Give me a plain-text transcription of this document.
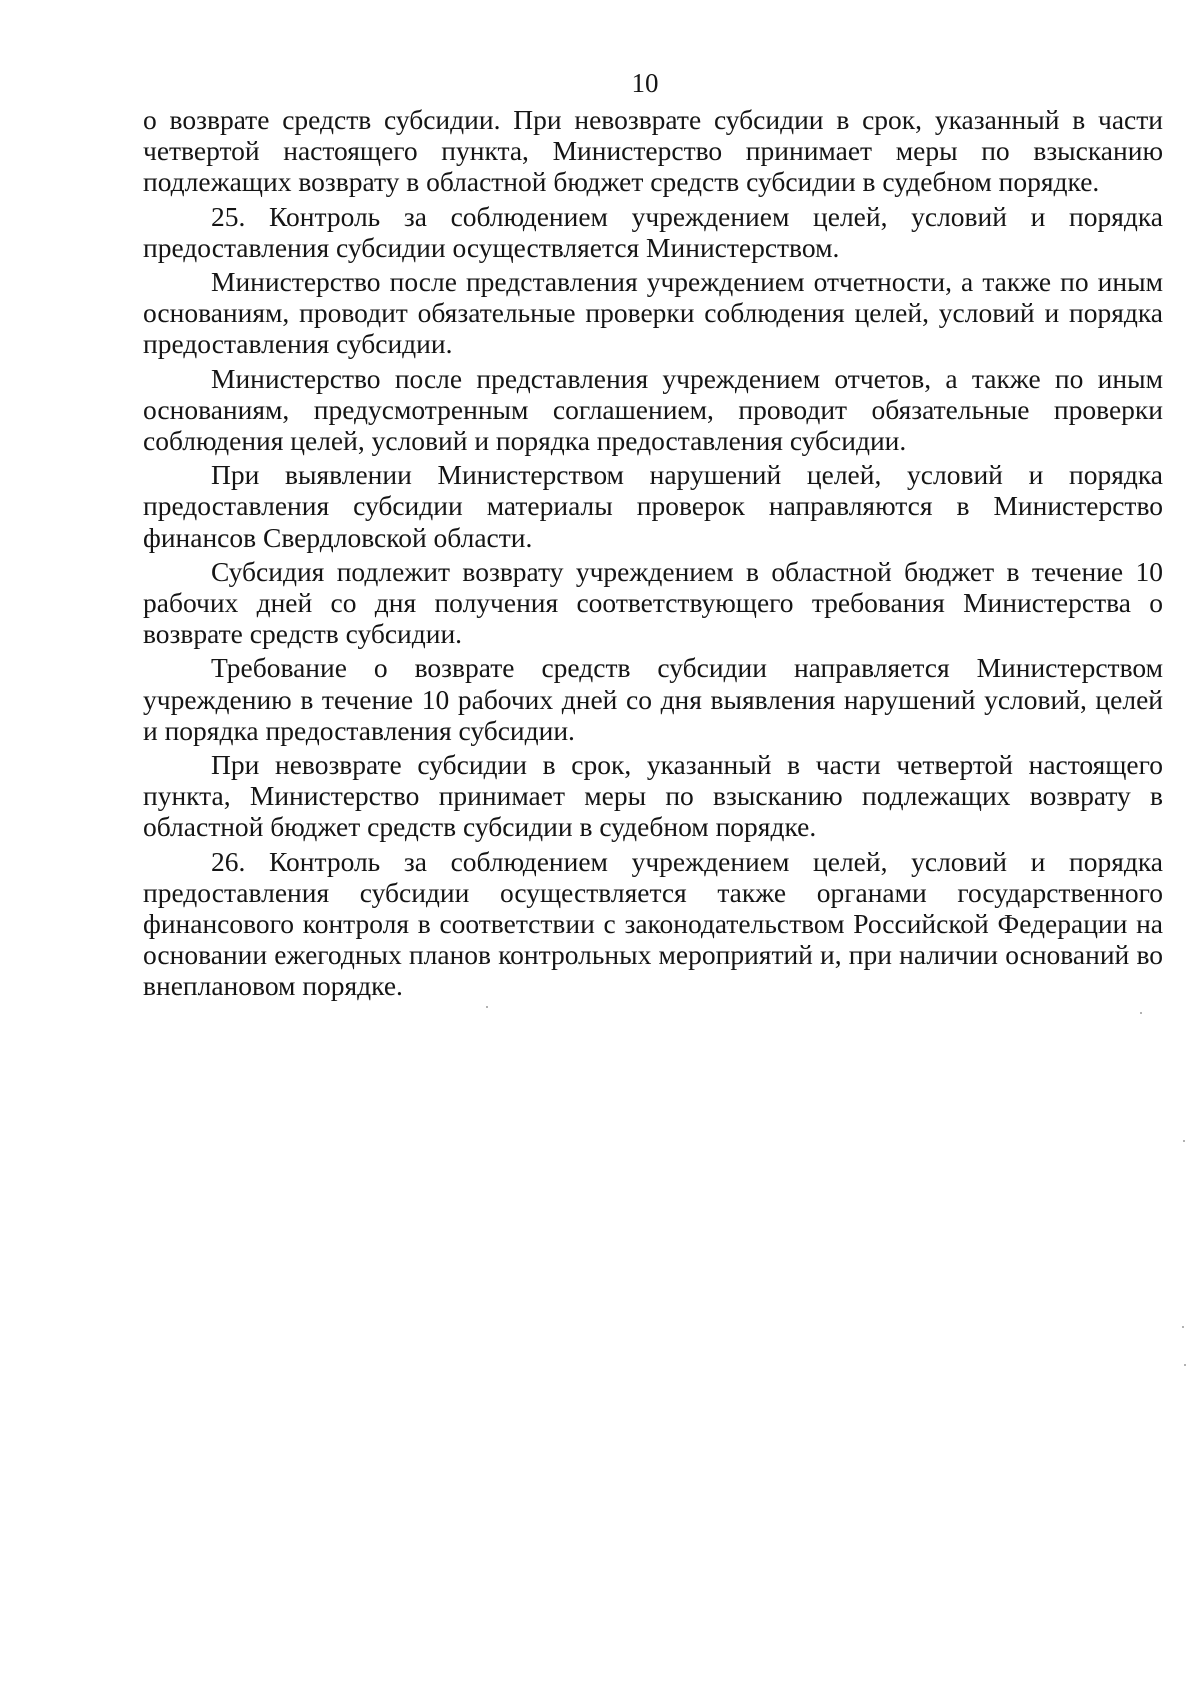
10

о возврате средств субсидии. При невозврате субсидии в срок, указанный в части четвертой настоящего пункта, Министерство принимает меры по взысканию подлежащих возврату в областной бюджет средств субсидии в судебном порядке.

25. Контроль за соблюдением учреждением целей, условий и порядка предоставления субсидии осуществляется Министерством.

Министерство после представления учреждением отчетности, а также по иным основаниям, проводит обязательные проверки соблюдения целей, условий и порядка предоставления субсидии.

Министерство после представления учреждением отчетов, а также по иным основаниям, предусмотренным соглашением, проводит обязательные проверки соблюдения целей, условий и порядка предоставления субсидии.

При выявлении Министерством нарушений целей, условий и порядка предоставления субсидии материалы проверок направляются в Министерство финансов Свердловской области.

Субсидия подлежит возврату учреждением в областной бюджет в течение 10 рабочих дней со дня получения соответствующего требования Министерства о возврате средств субсидии.

Требование о возврате средств субсидии направляется Министерством учреждению в течение 10 рабочих дней со дня выявления нарушений условий, целей и порядка предоставления субсидии.

При невозврате субсидии в срок, указанный в части четвертой настоящего пункта, Министерство принимает меры по взысканию подлежащих возврату в областной бюджет средств субсидии в судебном порядке.

26. Контроль за соблюдением учреждением целей, условий и порядка предоставления субсидии осуществляется также органами государственного финансового контроля в соответствии с законодательством Российской Федерации на основании ежегодных планов контрольных мероприятий и, при наличии оснований во внеплановом порядке.
